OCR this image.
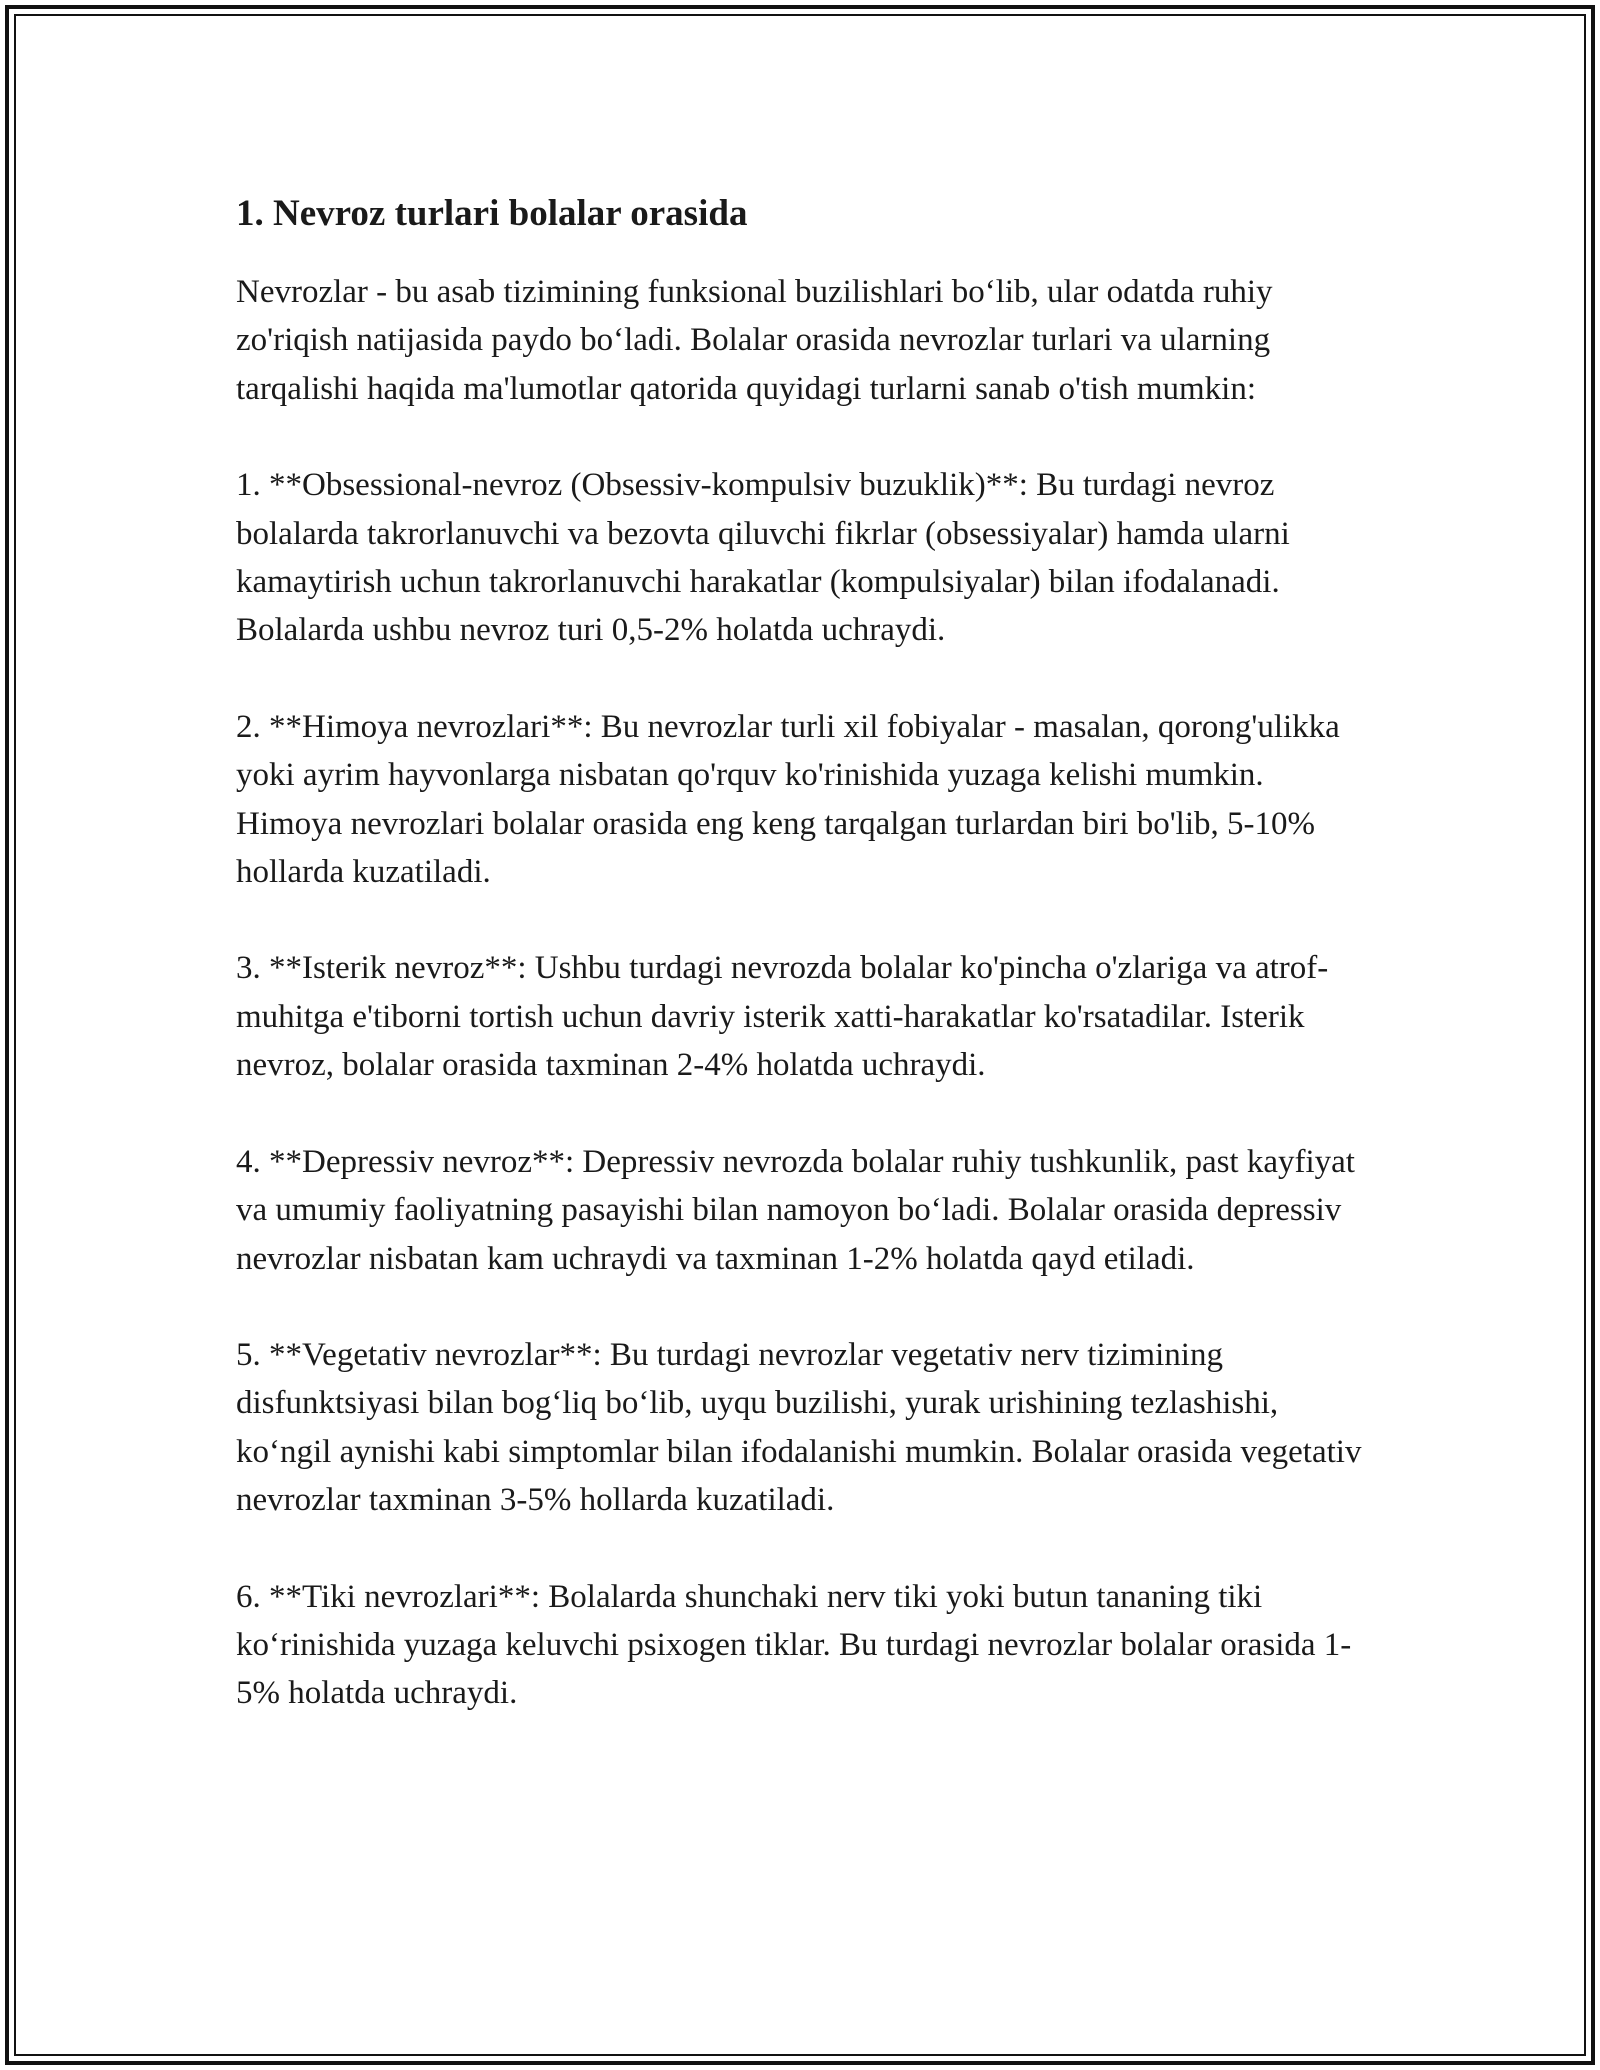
1. Nevroz turlari bolalar orasida

Nevrozlar - bu asab tizimining funksional buzilishlari bo‘lib, ular odatda ruhiy zo'riqish natijasida paydo bo‘ladi. Bolalar orasida nevrozlar turlari va ularning tarqalishi haqida ma'lumotlar qatorida quyidagi turlarni sanab o'tish mumkin:

1. **Obsessional-nevroz (Obsessiv-kompulsiv buzuklik)**: Bu turdagi nevroz bolalarda takrorlanuvchi va bezovta qiluvchi fikrlar (obsessiyalar) hamda ularni kamaytirish uchun takrorlanuvchi harakatlar (kompulsiyalar) bilan ifodalanadi. Bolalarda ushbu nevroz turi 0,5-2% holatda uchraydi.

2. **Himoya nevrozlari**: Bu nevrozlar turli xil fobiyalar - masalan, qorong'ulikka yoki ayrim hayvonlarga nisbatan qo'rquv ko'rinishida yuzaga kelishi mumkin. Himoya nevrozlari bolalar orasida eng keng tarqalgan turlardan biri bo'lib, 5-10% hollarda kuzatiladi.

3. **Isterik nevroz**: Ushbu turdagi nevrozda bolalar ko'pincha o'zlariga va atrof-muhitga e'tiborni tortish uchun davriy isterik xatti-harakatlar ko'rsatadilar. Isterik nevroz, bolalar orasida taxminan 2-4% holatda uchraydi.

4. **Depressiv nevroz**: Depressiv nevrozda bolalar ruhiy tushkunlik, past kayfiyat va umumiy faoliyatning pasayishi bilan namoyon bo‘ladi. Bolalar orasida depressiv nevrozlar nisbatan kam uchraydi va taxminan 1-2% holatda qayd etiladi.

5. **Vegetativ nevrozlar**: Bu turdagi nevrozlar vegetativ nerv tizimining disfunktsiyasi bilan bog‘liq bo‘lib, uyqu buzilishi, yurak urishining tezlashishi, ko‘ngil aynishi kabi simptomlar bilan ifodalanishi mumkin. Bolalar orasida vegetativ nevrozlar taxminan 3-5% hollarda kuzatiladi.

6. **Tiki nevrozlari**: Bolalarda shunchaki nerv tiki yoki butun tananing tiki ko‘rinishida yuzaga keluvchi psixogen tiklar. Bu turdagi nevrozlar bolalar orasida 1-5% holatda uchraydi.
